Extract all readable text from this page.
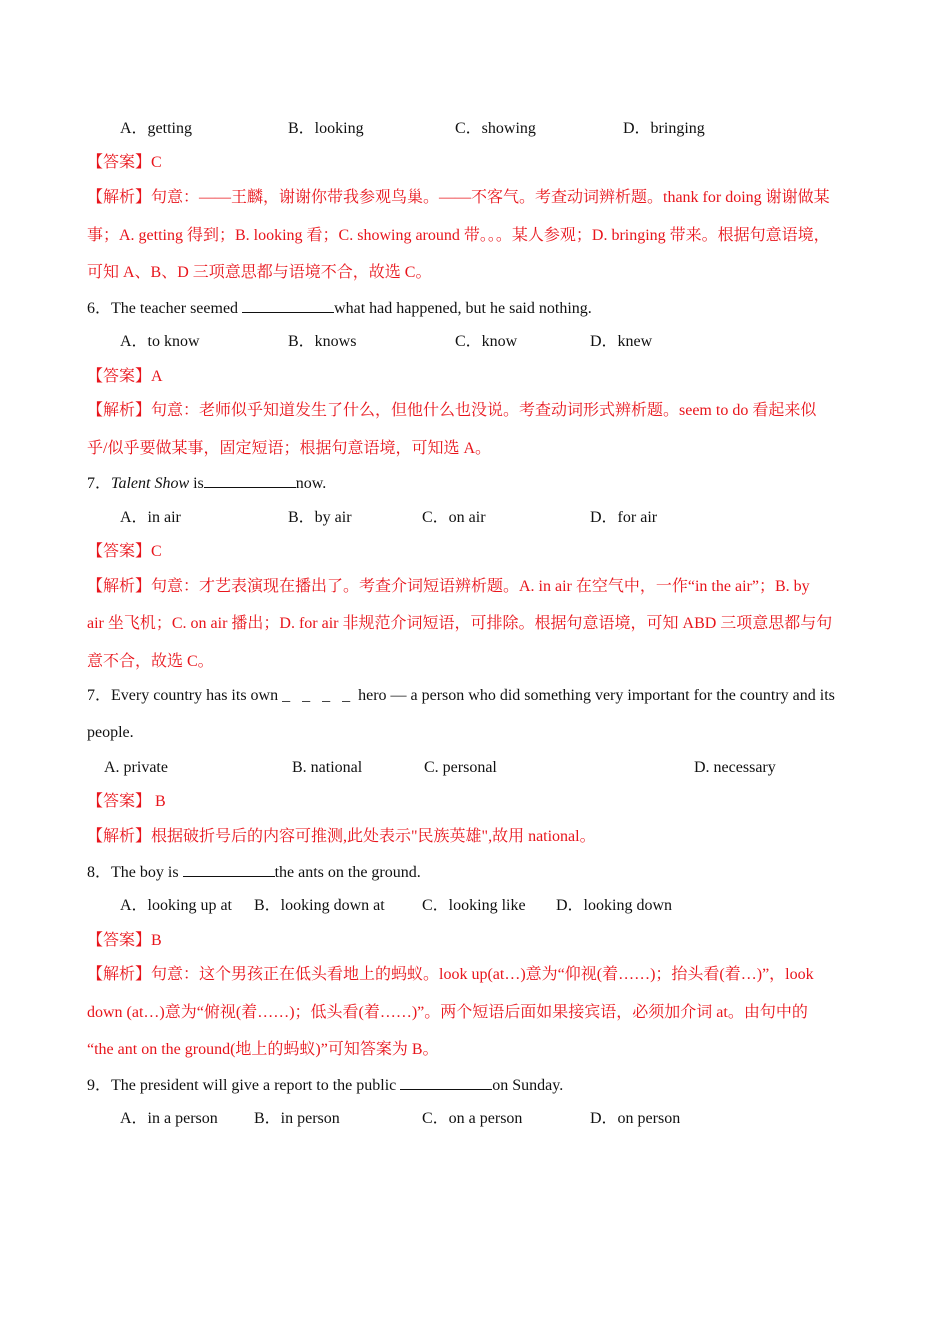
A．getting	B．looking	C．showing	D．bringing
【答案】C
【解析】句意：——王麟，谢谢你带我参观鸟巢。——不客气。考查动词辨析题。thank for doing 谢谢做某
事；A. getting 得到；B. looking 看；C. showing around 带。。。某人参观；D. bringing 带来。根据句意语境，
可知 A、B、D 三项意思都与语境不合，故选 C。
6．The teacher seemed	what had happened, but he said nothing.
A．to know	B．knows	C．know	D．knew
【答案】A
【解析】句意：老师似乎知道发生了什么，但他什么也没说。考查动词形式辨析题。seem to do 看起来似
乎/似乎要做某事，固定短语；根据句意语境，可知选 A。
7．Talent Show is	now.
A．in air	B．by air	C．on air	D．for air
【答案】C
【解析】句意：才艺表演现在播出了。考查介词短语辨析题。A. in air 在空气中，一作“in the air”；B. by
air 坐飞机；C. on air 播出；D. for air 非规范介词短语，可排除。根据句意语境，可知 ABD 三项意思都与句
意不合，故选 C。
7．Every country has its own _ _ _ _ hero — a person who did something very important for the country and its
people.
A. private	B. national	C. personal	D. necessary
【答案】 B
【解析】根据破折号后的内容可推测,此处表示"民族英雄",故用 national。
8．The boy is	the ants on the ground.
A．looking up at B．looking down at C．looking like D．looking down
【答案】B
【解析】句意：这个男孩正在低头看地上的蚂蚁。look up(at…)意为“仰视(着……)；抬头看(着…)”，look
down (at…)意为“俯视(着……)；低头看(着……)”。两个短语后面如果接宾语，必须加介词 at。由句中的
“the ant on the ground(地上的蚂蚁)”可知答案为 B。
9．The president will give a report to the public	on Sunday.
A．in a person B．in person	C．on a person	D．on person
